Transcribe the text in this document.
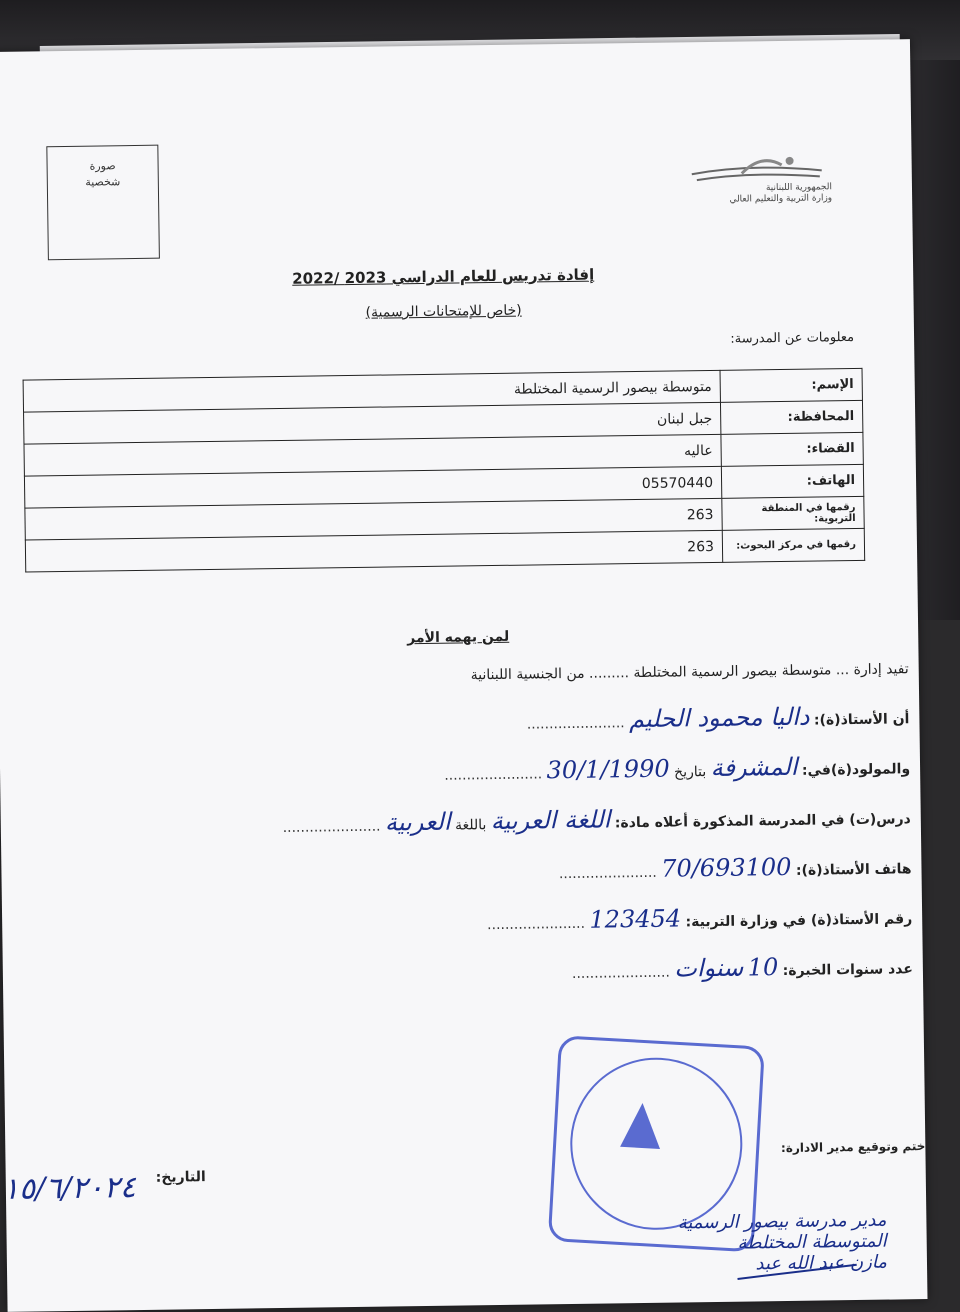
صورة
شخصية	الجمهورية اللبنانية
وزارة التربية والتعليم العالي
إفادة تدريس للعام الدراسي 2023 /2022
(خاص للإمتحانات الرسمية)
معلومات عن المدرسة:
الإسم:	متوسطة بيصور الرسمية المختلطة
المحافظة:	جبل لبنان
القضاء:	عاليه
الهاتف:	05570440
رقمها في المنطقة التربوية:	263
رقمها في مركز البحوث:	263
لمن يهمه الأمر
تفيد إدارة ... متوسطة بيصور الرسمية المختلطة ......... من الجنسية اللبنانية
أن الأستاذ(ة): داليا محمود الحليم ......................
والمولود(ة)في: المشرفة بتاريخ 30/1/1990 ......................
درس(ت) في المدرسة المذكورة أعلاه مادة: اللغة العربية باللغة العربية ......................
هاتف الأستاذ(ة): 70/693100 ......................
رقم الأستاذ(ة) في وزارة التربية: 123454 ......................
عدد سنوات الخبرة: 10 سنوات ......................
ختم وتوقيع مدير الادارة:
التاريخ:
١٥/٦/٢٠٢٤
مدير مدرسة بيصور الرسمية المتوسطة المختلطة
مازن عبد الله عبد
